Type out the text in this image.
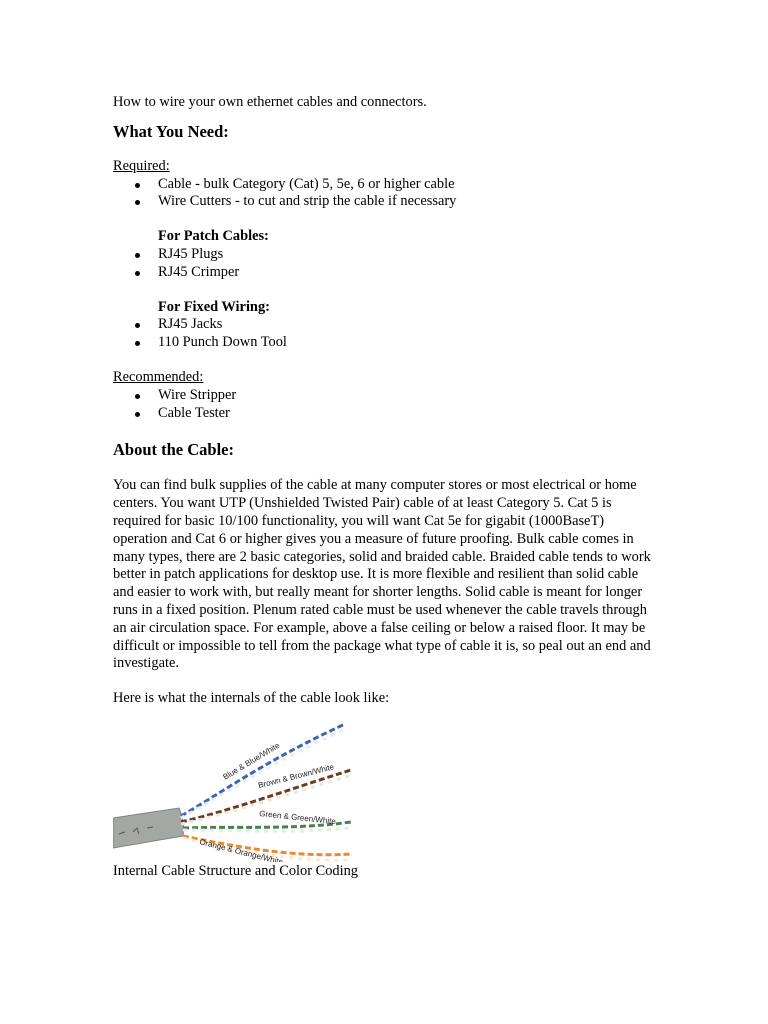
How to wire your own ethernet cables and connectors.

What You Need:

Required:

Cable - bulk Category (Cat) 5, 5e, 6 or higher cable
Wire Cutters - to cut and strip the cable if necessary

For Patch Cables:

RJ45 Plugs
RJ45 Crimper

For Fixed Wiring:

RJ45 Jacks
110 Punch Down Tool

Recommended:

Wire Stripper
Cable Tester
About the Cable:

You can find bulk supplies of the cable at many computer stores or most electrical or home centers. You want UTP (Unshielded Twisted Pair) cable of at least Category 5. Cat 5 is required for basic 10/100 functionality, you will want Cat 5e for gigabit (1000BaseT) operation and Cat 6 or higher gives you a measure of future proofing. Bulk cable comes in many types, there are 2 basic categories, solid and braided cable. Braided cable tends to work better in patch applications for desktop use. It is more flexible and resilient than solid cable and easier to work with, but really meant for shorter lengths. Solid cable is meant for longer runs in a fixed position. Plenum rated cable must be used whenever the cable travels through an air circulation space. For example, above a false ceiling or below a raised floor. It may be difficult or impossible to tell from the package what type of cable it is, so peal out an end and investigate.

Here is what the internals of the cable look like:

Blue & Blue/White
Brown & Brown/White
Green & Green/White
Orange & Orange/White

Internal Cable Structure and Color Coding
